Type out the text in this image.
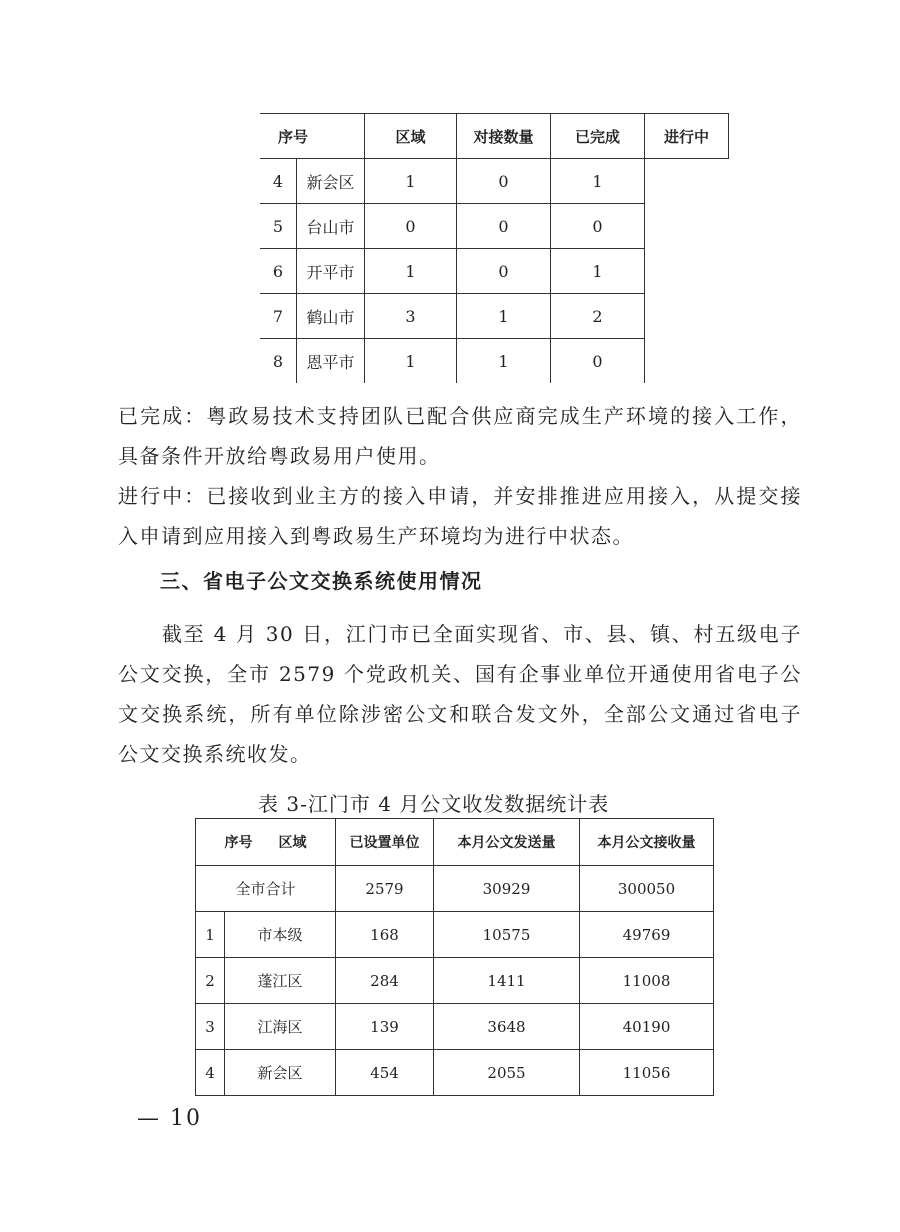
序号		区域	对接数量	已完成	进行中
4	新会区	1	0	1	
5	台山市	0	0	0	
6	开平市	1	0	1	
7	鹤山市	3	1	2	
8	恩平市	1	1	0	
已完成：粤政易技术支持团队已配合供应商完成生产环境的接入工作，具备条件开放给粤政易用户使用。
进行中：已接收到业主方的接入申请，并安排推进应用接入，从提交接入申请到应用接入到粤政易生产环境均为进行中状态。
三、省电子公文交换系统使用情况
截至 4 月 30 日，江门市已全面实现省、市、县、镇、村五级电子公文交换，全市 2579 个党政机关、国有企事业单位开通使用省电子公文交换系统，所有单位除涉密公文和联合发文外，全部公文通过省电子公文交换系统收发。
表 3-江门市 4 月公文收发数据统计表
序号 区域		已设置单位	本月公文发送量	本月公文接收量
全市合计		2579	30929	300050
1	市本级	168	10575	49769
2	蓬江区	284	1411	11008
3	江海区	139	3648	40190
4	新会区	454	2055	11056
— 10
